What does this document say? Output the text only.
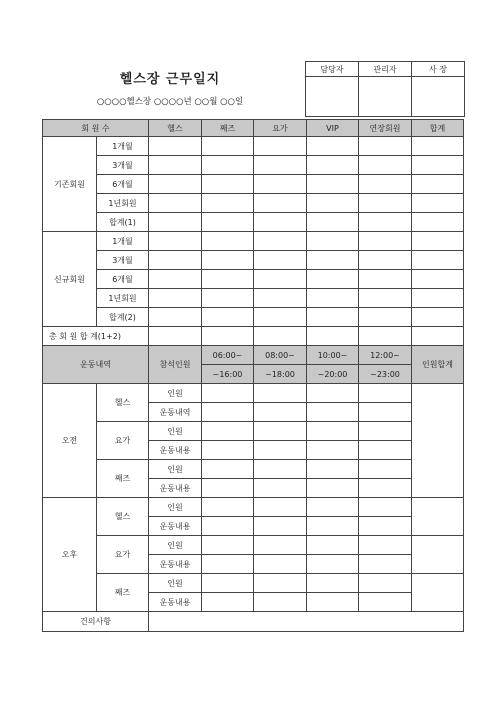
헬스장 근무일지
○○○○헬스장 ○○○○년 ○○월 ○○일
담당자	관리자	사 장

회 원 수		헬스	째즈	요가	VIP	연장회원	합계
기존회원	1개월						
	3개월						
	6개월						
	1년회원						
	합계(1)						
신규회원	1개월						
	3개월						
	6개월						
	1년회원						
	합계(2)						
총 회 원 합 계(1+2)							
운동내역		참석인원	06:00~	08:00~	10:00~	12:00~	인원합계
			~16:00	~18:00	~20:00	~23:00	
오전	헬스	인원					
		운동내역					
	요가	인원					
		운동내용					
	째즈	인원					
		운동내용					
오후	헬스	인원					
		운동내용					
	요가	인원					
		운동내용					
	째즈	인원					
		운동내용					
건의사항							
